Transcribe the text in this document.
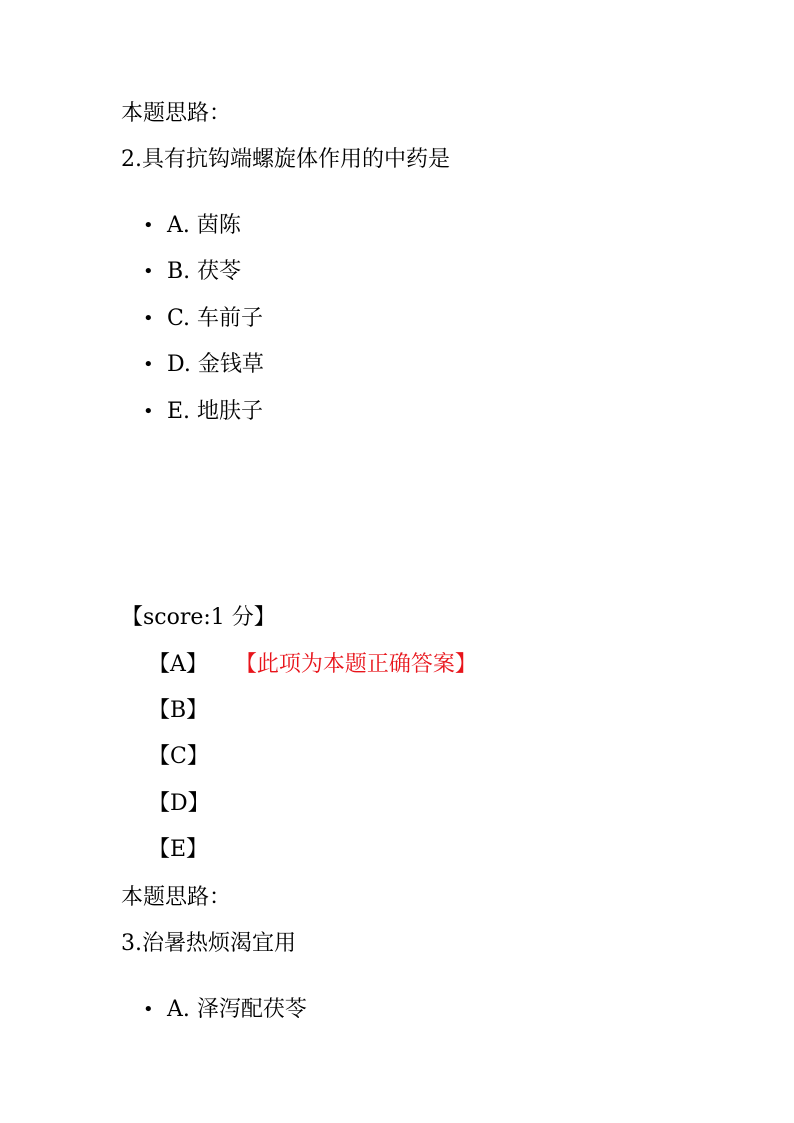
本题思路：
2.具有抗钩端螺旋体作用的中药是
• A. 茵陈
• B. 茯苓
• C. 车前子
• D. 金钱草
• E. 地肤子
【score:1 分】
【A】 【此项为本题正确答案】
【B】
【C】
【D】
【E】
本题思路：
3.治暑热烦渴宜用
• A. 泽泻配茯苓
